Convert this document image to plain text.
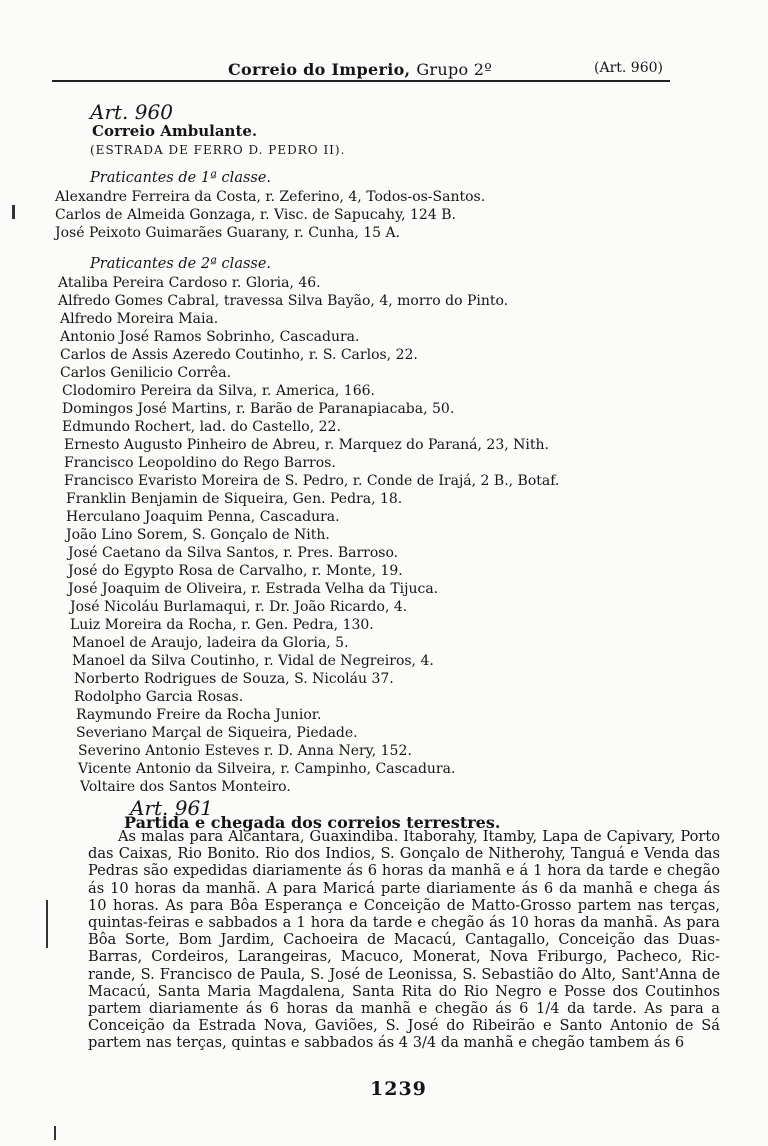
Correio do Imperio, Grupo 2º	(Art. 960)
Art. 960
Correio Ambulante.
(ESTRADA DE FERRO D. PEDRO II).
Praticantes de 1ª classe.
Alexandre Ferreira da Costa, r. Zeferino, 4, Todos-os-Santos.
Carlos de Almeida Gonzaga, r. Visc. de Sapucahy, 124 B.
José Peixoto Guimarães Guarany, r. Cunha, 15 A.
Praticantes de 2ª classe.
Ataliba Pereira Cardoso r. Gloria, 46.
Alfredo Gomes Cabral, travessa Silva Bayão, 4, morro do Pinto.
Alfredo Moreira Maia.
Antonio José Ramos Sobrinho, Cascadura.
Carlos de Assis Azeredo Coutinho, r. S. Carlos, 22.
Carlos Genilicio Corrêa.
Clodomiro Pereira da Silva, r. America, 166.
Domingos José Martins, r. Barão de Paranapiacaba, 50.
Edmundo Rochert, lad. do Castello, 22.
Ernesto Augusto Pinheiro de Abreu, r. Marquez do Paraná, 23, Nith.
Francisco Leopoldino do Rego Barros.
Francisco Evaristo Moreira de S. Pedro, r. Conde de Irajá, 2 B., Botaf.
Franklin Benjamin de Siqueira, Gen. Pedra, 18.
Herculano Joaquim Penna, Cascadura.
João Lino Sorem, S. Gonçalo de Nith.
José Caetano da Silva Santos, r. Pres. Barroso.
José do Egypto Rosa de Carvalho, r. Monte, 19.
José Joaquim de Oliveira, r. Estrada Velha da Tijuca.
José Nicoláu Burlamaqui, r. Dr. João Ricardo, 4.
Luiz Moreira da Rocha, r. Gen. Pedra, 130.
Manoel de Araujo, ladeira da Gloria, 5.
Manoel da Silva Coutinho, r. Vidal de Negreiros, 4.
Norberto Rodrigues de Souza, S. Nicoláu 37.
Rodolpho Garcia Rosas.
Raymundo Freire da Rocha Junior.
Severiano Marçal de Siqueira, Piedade.
Severino Antonio Esteves r. D. Anna Nery, 152.
Vicente Antonio da Silveira, r. Campinho, Cascadura.
Voltaire dos Santos Monteiro.
Art. 961
Partida e chegada dos correios terrestres.
As malas para Alcantara, Guaxindiba. Itaborahy, Itamby, Lapa de Capivary, Porto das Caixas, Rio Bonito. Rio dos Indios, S. Gonçalo de Nitherohy, Tanguá e Venda das Pedras são expedidas diariamente ás 6 horas da manhã e á 1 hora da tarde e chegão ás 10 horas da manhã. A para Maricá parte diariamente ás 6 da manhã e chega ás 10 horas. As para Bôa Esperança e Conceição de Matto-Grosso partem nas terças, quintas-feiras e sabbados a 1 hora da tarde e chegão ás 10 horas da manhã. As para Bôa Sorte, Bom Jardim, Cachoeira de Macacú, Cantagallo, Conceição das Duas-Barras, Cordeiros, Larangeiras, Macuco, Monerat, Nova Friburgo, Pacheco, Ric-rande, S. Francisco de Paula, S. José de Leonissa, S. Sebastião do Alto, Sant'Anna de Macacú, Santa Maria Magdalena, Santa Rita do Rio Negro e Posse dos Coutinhos partem diariamente ás 6 horas da manhã e chegão ás 6 1/4 da tarde. As para a Conceição da Estrada Nova, Gaviões, S. José do Ribeirão e Santo Antonio de Sá partem nas terças, quintas e sabbados ás 4 3/4 da manhã e chegão tambem ás 6
1239
